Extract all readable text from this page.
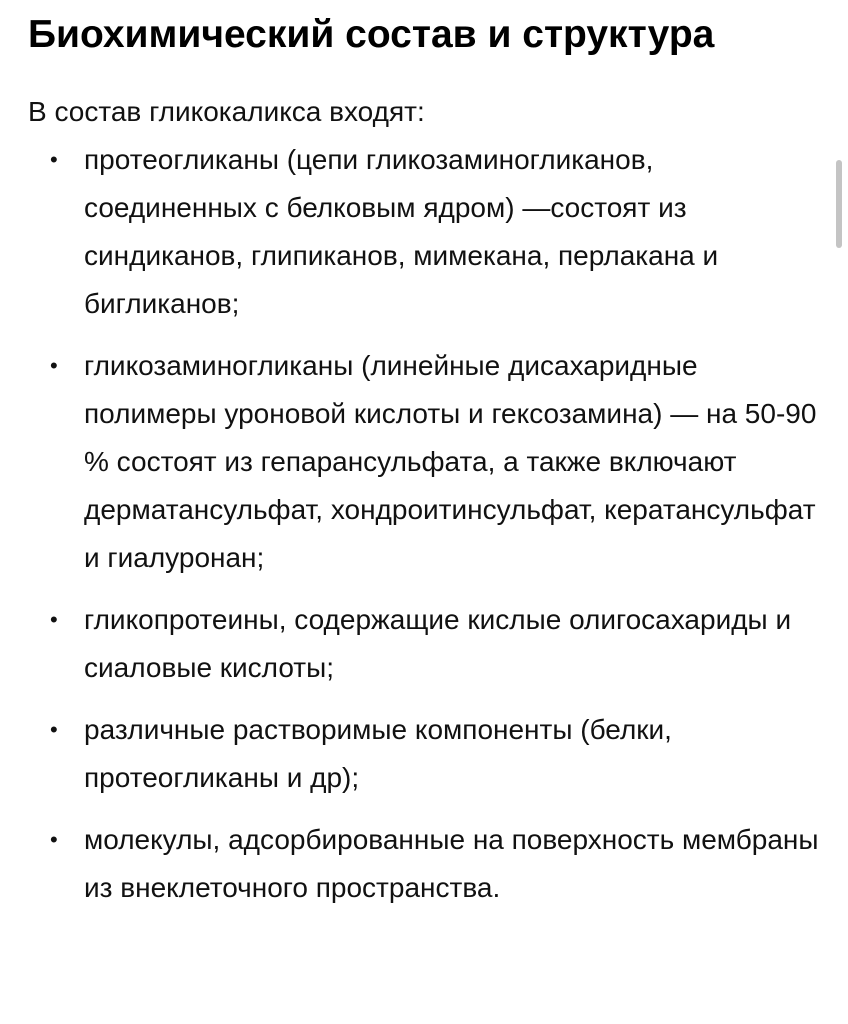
Биохимический состав и структура

В состав гликокаликса входят:

• протеогликаны (цепи гликозаминогликанов, соединенных с белковым ядром) —состоят из синдиканов, глипиканов, мимекана, перлакана и бигликанов;
• гликозаминогликаны (линейные дисахаридные полимеры уроновой кислоты и гексозамина) — на 50-90 % состоят из гепарансульфата, а также включают дерматансульфат, хондроитинсульфат, кератансульфат и гиалуронан;
• гликопротеины, содержащие кислые олигосахариды и сиаловые кислоты;
• различные растворимые компоненты (белки, протеогликаны и др);
• молекулы, адсорбированные на поверхность мембраны из внеклеточного пространства.
